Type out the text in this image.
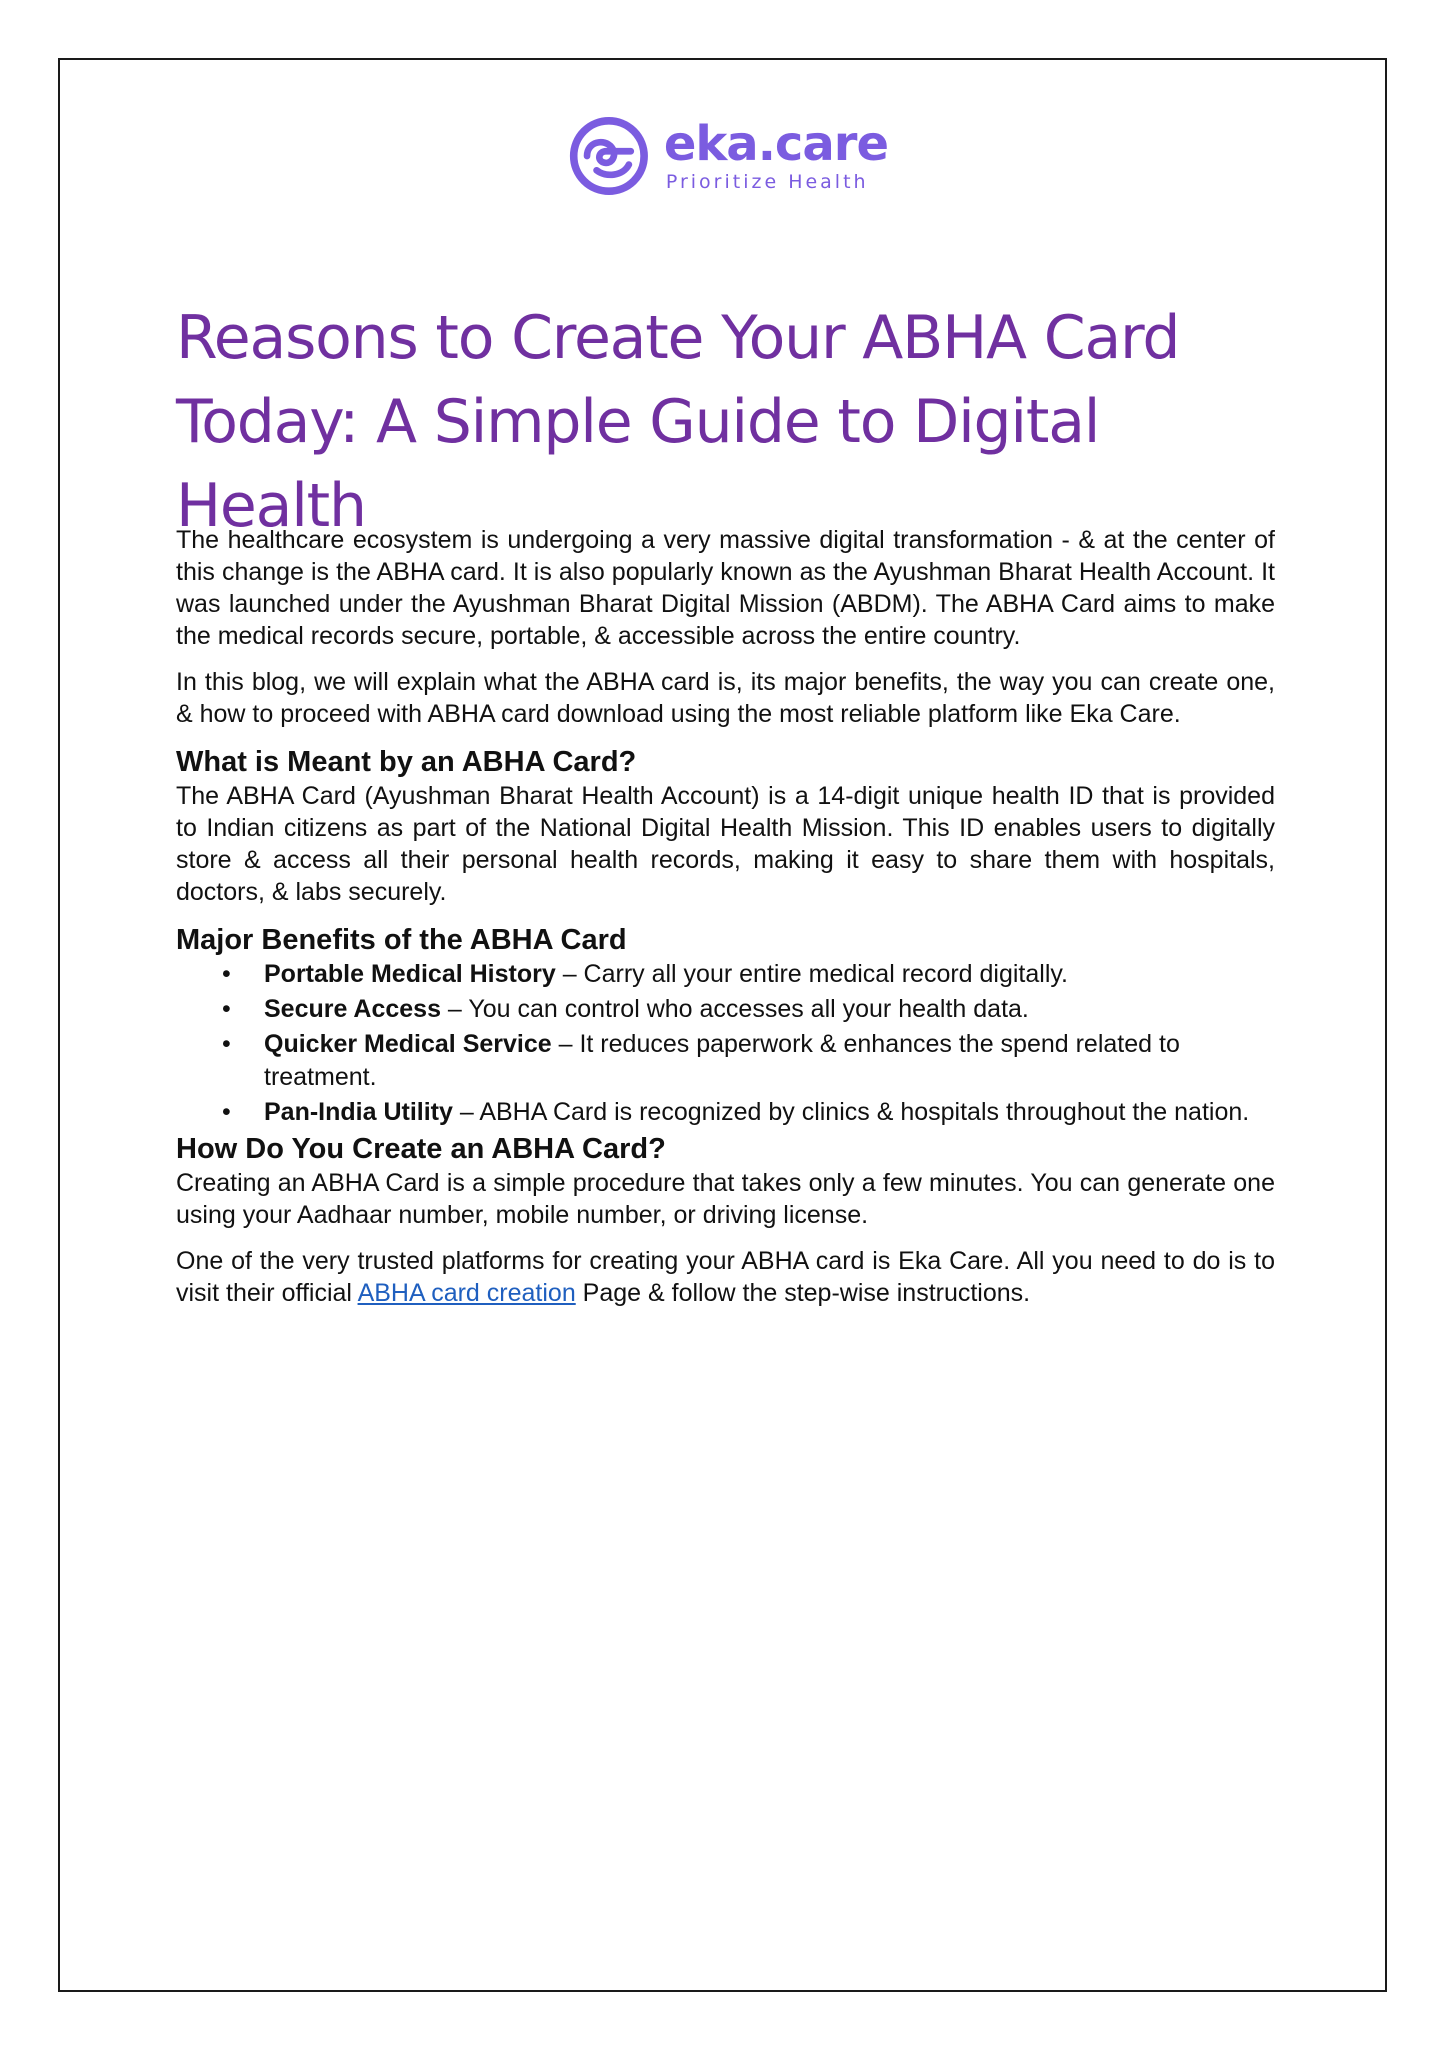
eka.care
Prioritize Health
Reasons to Create Your ABHA Card
Today: A Simple Guide to Digital Health

The healthcare ecosystem is undergoing a very massive digital transformation - & at the center of this change is the ABHA card. It is also popularly known as the Ayushman Bharat Health Account. It was launched under the Ayushman Bharat Digital Mission (ABDM). The ABHA Card aims to make the medical records secure, portable, & accessible across the entire country.

In this blog, we will explain what the ABHA card is, its major benefits, the way you can create one, & how to proceed with ABHA card download using the most reliable platform like Eka Care.

What is Meant by an ABHA Card?

The ABHA Card (Ayushman Bharat Health Account) is a 14-digit unique health ID that is provided to Indian citizens as part of the National Digital Health Mission. This ID enables users to digitally store & access all their personal health records, making it easy to share them with hospitals, doctors, & labs securely.

Major Benefits of the ABHA Card
• Portable Medical History – Carry all your entire medical record digitally.
• Secure Access – You can control who accesses all your health data.
• Quicker Medical Service – It reduces paperwork & enhances the spend related to treatment.
• Pan-India Utility – ABHA Card is recognized by clinics & hospitals throughout the nation.
How Do You Create an ABHA Card?

Creating an ABHA Card is a simple procedure that takes only a few minutes. You can generate one using your Aadhaar number, mobile number, or driving license.

One of the very trusted platforms for creating your ABHA card is Eka Care. All you need to do is to visit their official ABHA card creation Page & follow the step-wise instructions.
